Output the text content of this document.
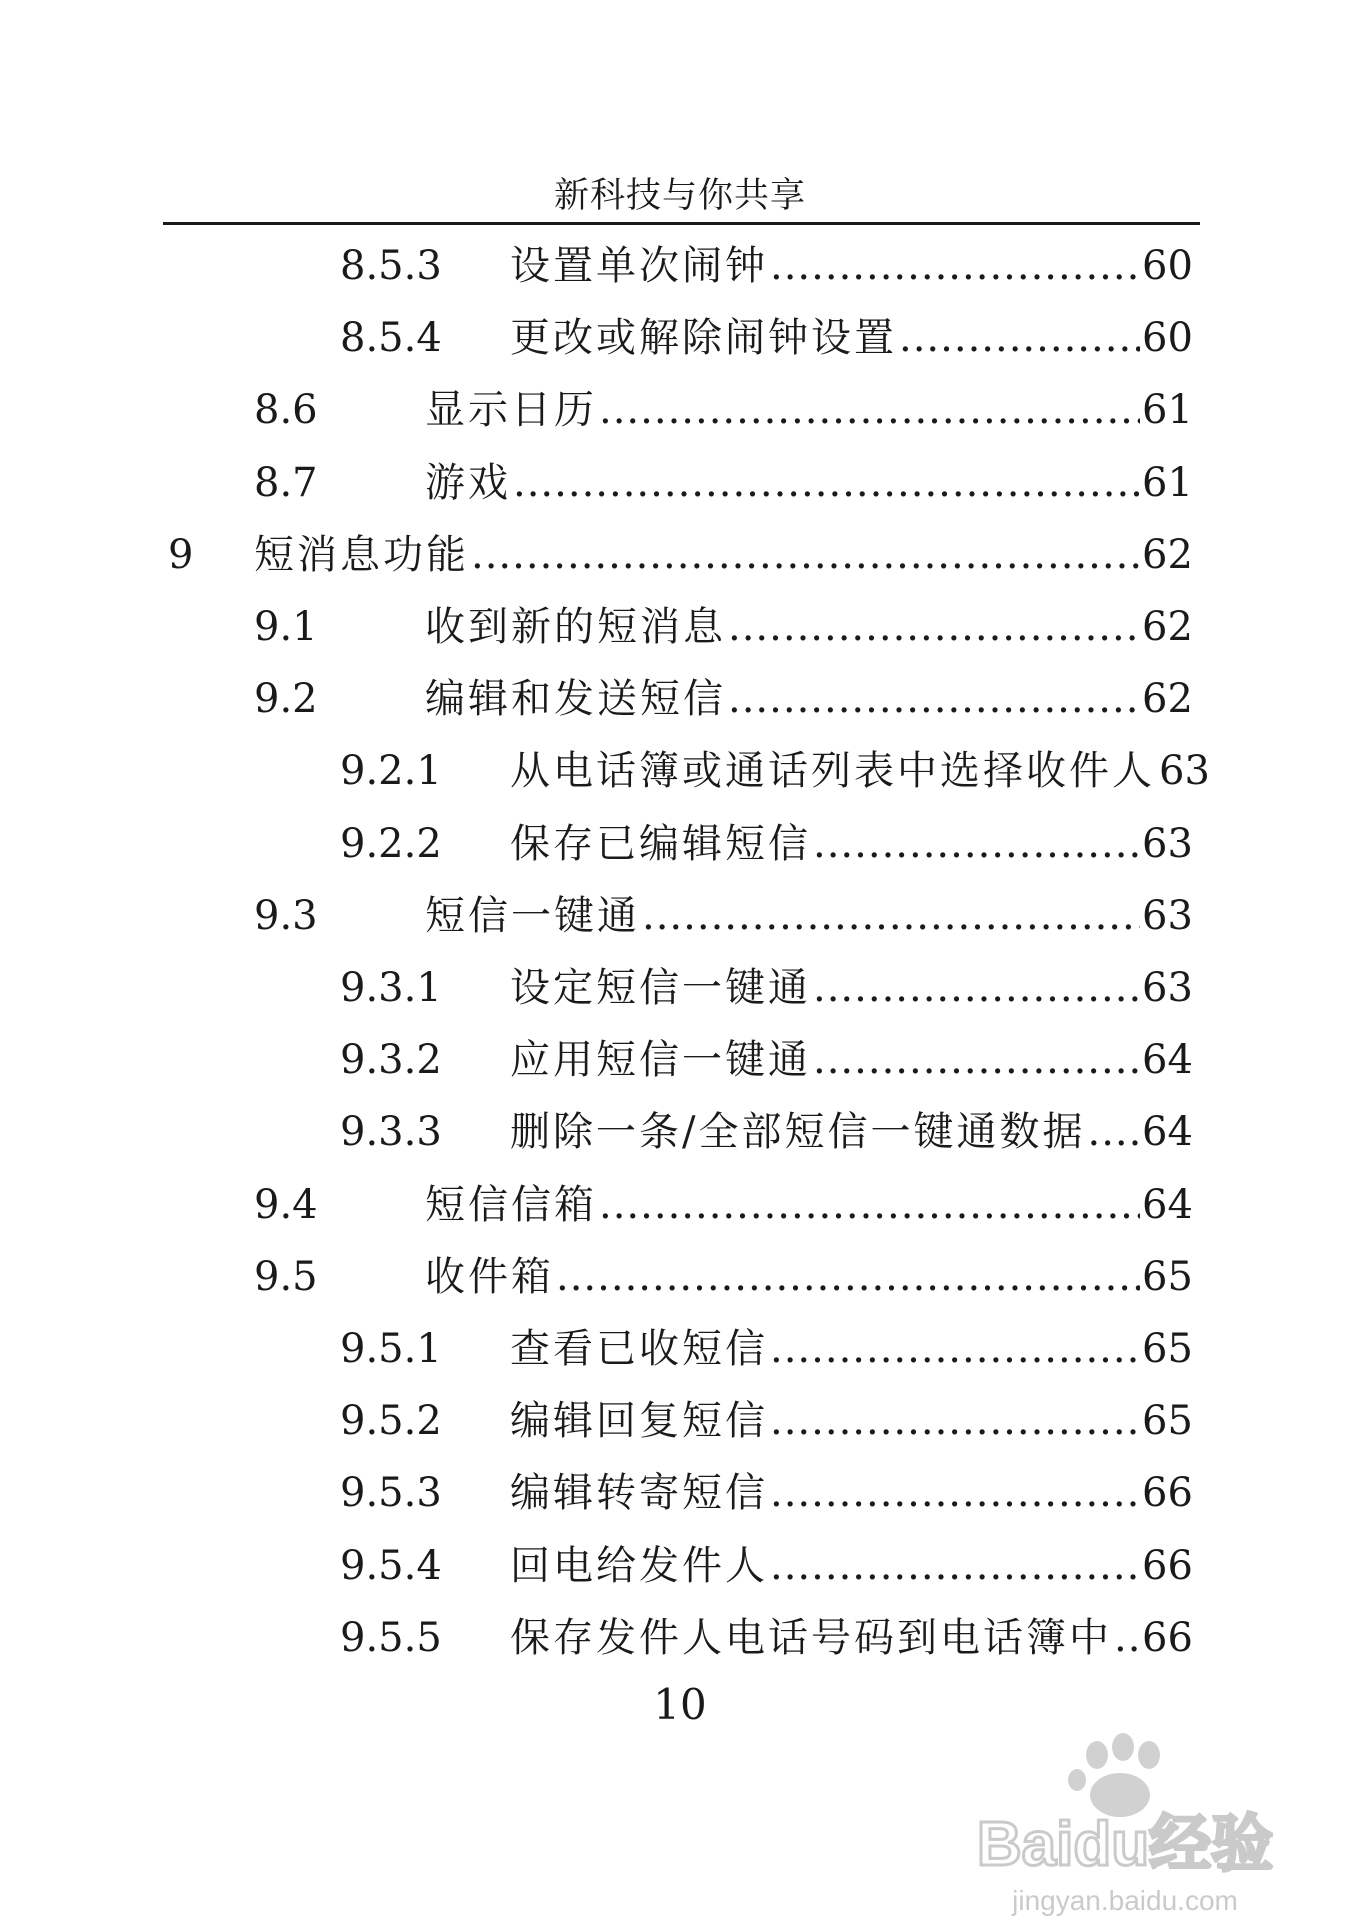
新科技与你共享
8.5.3 设置单次闹钟 .....	60
8.5.4 更改或解除闹钟设置 .....	60
8.6	显示日历 .....	61
8.7	游戏 .....	61
9 短消息功能 .....	62
9.1	收到新的短消息 .....	62
9.2	编辑和发送短信 .....	62
9.2.1 从电话簿或通话列表中选择收件人 63
9.2.2 保存已编辑短信 .....	63
9.3	短信一键通 .....	63
9.3.1 设定短信一键通 .....	63
9.3.2 应用短信一键通 .....	64
9.3.3 删除一条/全部短信一键通数据 ..... 64
9.4	短信信箱 .....	64
9.5	收件箱 .....	65
9.5.1 查看已收短信 .....	65
9.5.2 编辑回复短信 .....	65
9.5.3 编辑转寄短信 .....	66
9.5.4 回电给发件人 .....	66
9.5.5 保存发件人电话号码到电话簿中 ..... 66
10
Baidu经验
jingyan.baidu.com
